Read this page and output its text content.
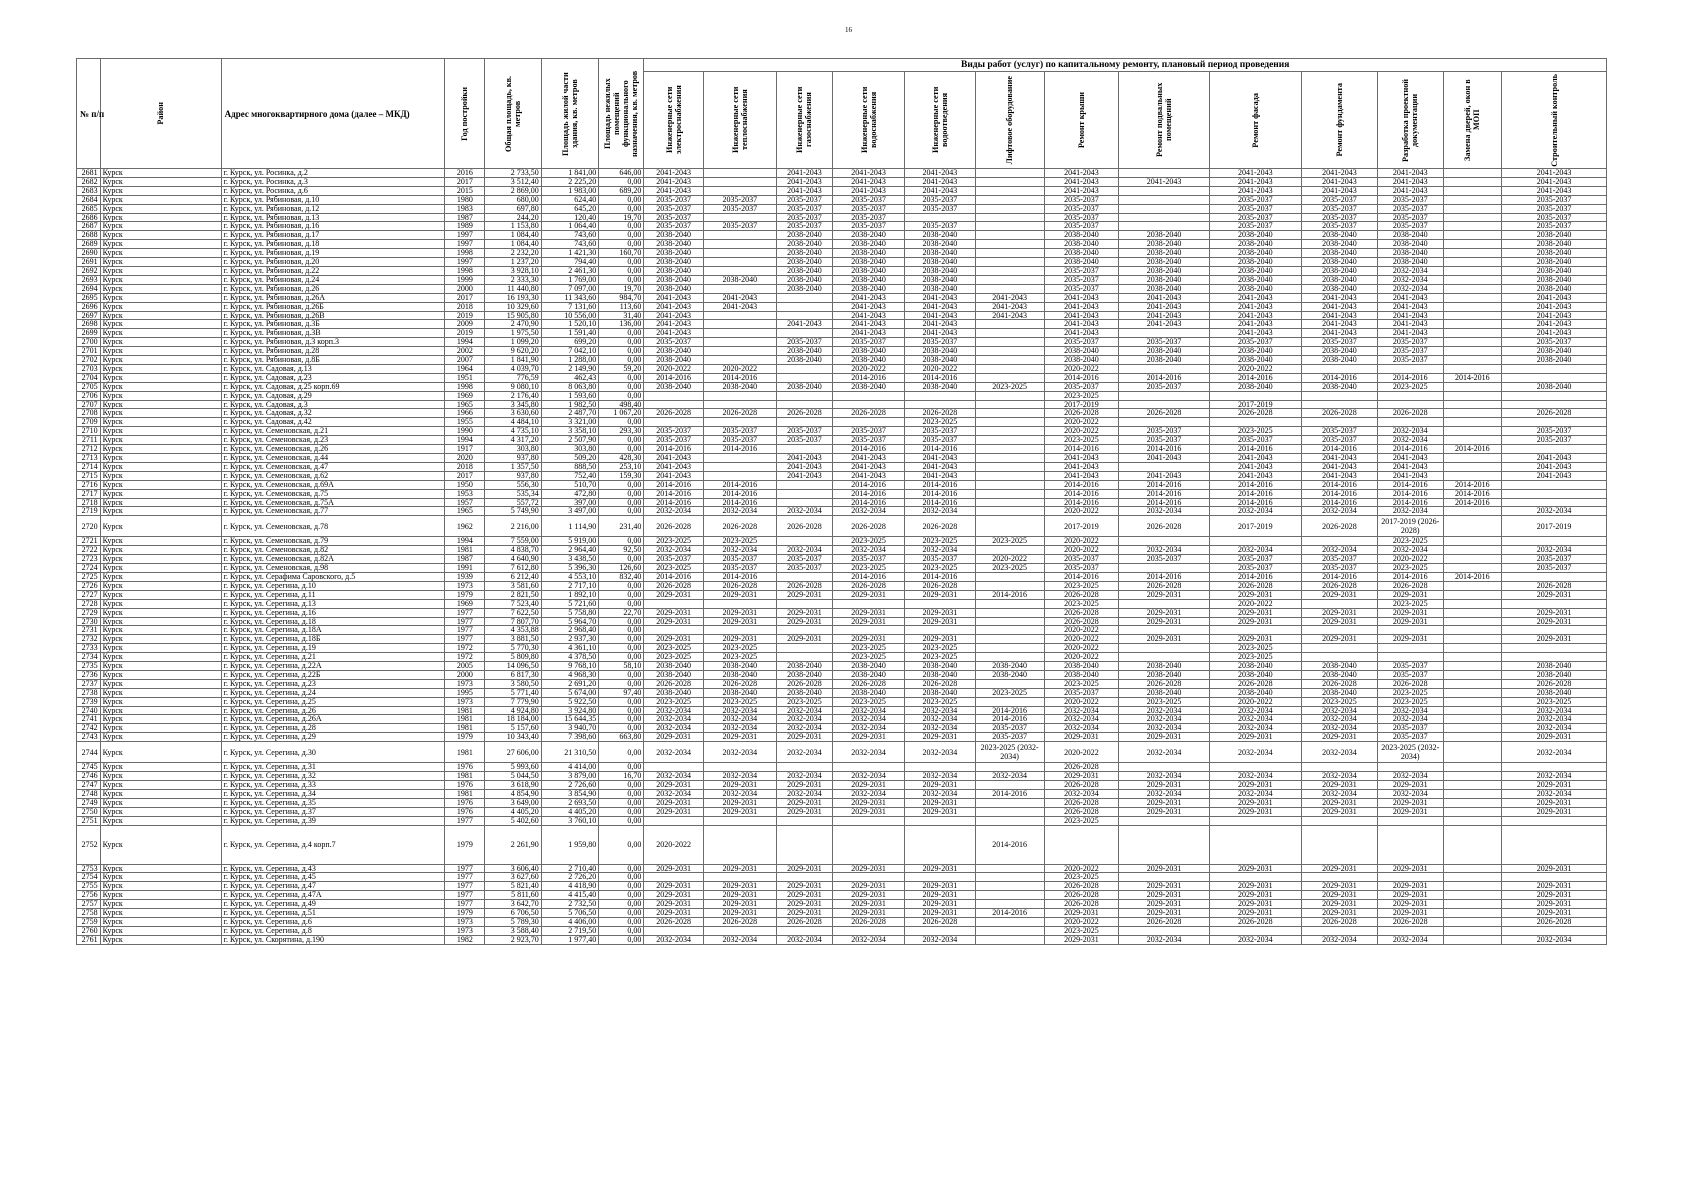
16
№ п/п	Район	Адрес многоквартирного дома (далее – МКД)	Год постройки	Общая площадь, кв. метров	Площадь жилой части здания, кв. метров	Площадь нежилых помещений функционального назначения, кв. метров	Виды работ (услуг) по капитальному ремонту, плановый период проведения												

							Инженерные сети электроснабжения	Инженерные сети теплоснабжения	Инженерные сети газоснабжения	Инженерные сети водоснабжения	Инженерные сети водоотведения	Лифтовое оборудование	Ремонт крыши	Ремонт подвальных помещений	Ремонт фасада	Ремонт фундамента	Разработка проектной документации	Замена дверей, окон в МОП	Строительный контроль

2681	Курск	г. Курск, ул. Росинка, д.2	2016	2 733,50	1 841,00	646,00	2041-2043		2041-2043	2041-2043	2041-2043		2041-2043		2041-2043	2041-2043	2041-2043		2041-2043
2682	Курск	г. Курск, ул. Росинка, д.3	2017	3 512,40	2 225,20	0,00	2041-2043		2041-2043	2041-2043	2041-2043		2041-2043	2041-2043	2041-2043	2041-2043	2041-2043		2041-2043
2683	Курск	г. Курск, ул. Росинка, д.6	2015	2 869,00	1 983,00	689,20	2041-2043		2041-2043	2041-2043	2041-2043		2041-2043		2041-2043	2041-2043	2041-2043		2041-2043
2684	Курск	г. Курск, ул. Рябиновая, д.10	1980	680,00	624,40	0,00	2035-2037	2035-2037	2035-2037	2035-2037	2035-2037		2035-2037		2035-2037	2035-2037	2035-2037		2035-2037
2685	Курск	г. Курск, ул. Рябиновая, д.12	1983	697,80	645,20	0,00	2035-2037	2035-2037	2035-2037	2035-2037	2035-2037		2035-2037		2035-2037	2035-2037	2035-2037		2035-2037
2686	Курск	г. Курск, ул. Рябиновая, д.13	1987	244,20	120,40	19,70	2035-2037		2035-2037	2035-2037			2035-2037		2035-2037	2035-2037	2035-2037		2035-2037
2687	Курск	г. Курск, ул. Рябиновая, д.16	1989	1 153,80	1 064,40	0,00	2035-2037	2035-2037	2035-2037	2035-2037	2035-2037		2035-2037		2035-2037	2035-2037	2035-2037		2035-2037
2688	Курск	г. Курск, ул. Рябиновая, д.17	1997	1 084,40	743,60	0,00	2038-2040		2038-2040	2038-2040	2038-2040		2038-2040	2038-2040	2038-2040	2038-2040	2038-2040		2038-2040
2689	Курск	г. Курск, ул. Рябиновая, д.18	1997	1 084,40	743,60	0,00	2038-2040		2038-2040	2038-2040	2038-2040		2038-2040	2038-2040	2038-2040	2038-2040	2038-2040		2038-2040
2690	Курск	г. Курск, ул. Рябиновая, д.19	1998	2 232,20	1 421,30	160,70	2038-2040		2038-2040	2038-2040	2038-2040		2038-2040	2038-2040	2038-2040	2038-2040	2038-2040		2038-2040
2691	Курск	г. Курск, ул. Рябиновая, д.20	1997	1 237,20	794,40	0,00	2038-2040		2038-2040	2038-2040	2038-2040		2038-2040	2038-2040	2038-2040	2038-2040	2038-2040		2038-2040
2692	Курск	г. Курск, ул. Рябиновая, д.22	1998	3 928,10	2 461,30	0,00	2038-2040		2038-2040	2038-2040	2038-2040		2035-2037	2038-2040	2038-2040	2038-2040	2032-2034		2038-2040
2693	Курск	г. Курск, ул. Рябиновая, д.24	1999	2 333,30	1 769,00	0,00	2038-2040	2038-2040	2038-2040	2038-2040	2038-2040		2035-2037	2038-2040	2038-2040	2038-2040	2032-2034		2038-2040
2694	Курск	г. Курск, ул. Рябиновая, д.26	2000	11 440,80	7 097,00	19,70	2038-2040		2038-2040	2038-2040	2038-2040		2035-2037	2038-2040	2038-2040	2038-2040	2032-2034		2038-2040
2695	Курск	г. Курск, ул. Рябиновая, д.26А	2017	16 193,30	11 343,60	984,70	2041-2043	2041-2043		2041-2043	2041-2043	2041-2043	2041-2043	2041-2043	2041-2043	2041-2043	2041-2043		2041-2043
2696	Курск	г. Курск, ул. Рябиновая, д.26Б	2018	10 329,60	7 131,60	113,60	2041-2043	2041-2043		2041-2043	2041-2043	2041-2043	2041-2043	2041-2043	2041-2043	2041-2043	2041-2043		2041-2043
2697	Курск	г. Курск, ул. Рябиновая, д.26В	2019	15 905,80	10 556,00	31,40	2041-2043			2041-2043	2041-2043	2041-2043	2041-2043	2041-2043	2041-2043	2041-2043	2041-2043		2041-2043
2698	Курск	г. Курск, ул. Рябиновая, д.3Б	2009	2 470,90	1 520,10	136,00	2041-2043		2041-2043	2041-2043	2041-2043		2041-2043	2041-2043	2041-2043	2041-2043	2041-2043		2041-2043
2699	Курск	г. Курск, ул. Рябиновая, д.3В	2019	1 975,50	1 591,40	0,00	2041-2043			2041-2043	2041-2043		2041-2043		2041-2043	2041-2043	2041-2043		2041-2043
2700	Курск	г. Курск, ул. Рябиновая, д.3 корп.3	1994	1 099,20	699,20	0,00	2035-2037		2035-2037	2035-2037	2035-2037		2035-2037	2035-2037	2035-2037	2035-2037	2035-2037		2035-2037
2701	Курск	г. Курск, ул. Рябиновая, д.28	2002	9 620,20	7 042,10	0,00	2038-2040		2038-2040	2038-2040	2038-2040		2038-2040	2038-2040	2038-2040	2038-2040	2035-2037		2038-2040
2702	Курск	г. Курск, ул. Рябиновая, д.8Б	2007	1 841,90	1 288,00	0,00	2038-2040		2038-2040	2038-2040	2038-2040		2038-2040	2038-2040	2038-2040	2038-2040	2035-2037		2038-2040
2703	Курск	г. Курск, ул. Садовая, д.13	1964	4 039,70	2 149,90	59,20	2020-2022	2020-2022		2020-2022	2020-2022		2020-2022		2020-2022				
2704	Курск	г. Курск, ул. Садовая, д.23	1951	776,59	462,43	0,00	2014-2016	2014-2016		2014-2016	2014-2016		2014-2016	2014-2016	2014-2016	2014-2016	2014-2016	2014-2016	
2705	Курск	г. Курск, ул. Садовая, д.25 корп.69	1998	9 080,10	8 063,80	0,00	2038-2040	2038-2040	2038-2040	2038-2040	2038-2040	2023-2025	2035-2037	2035-2037	2038-2040	2038-2040	2023-2025		2038-2040
2706	Курск	г. Курск, ул. Садовая, д.29	1969	2 176,40	1 593,60	0,00							2023-2025						
2707	Курск	г. Курск, ул. Садовая, д.3	1965	3 345,80	1 982,50	498,40							2017-2019		2017-2019				
2708	Курск	г. Курск, ул. Садовая, д.32	1966	3 630,60	2 487,70	1 067,20	2026-2028	2026-2028	2026-2028	2026-2028	2026-2028		2026-2028	2026-2028	2026-2028	2026-2028	2026-2028		2026-2028
2709	Курск	г. Курск, ул. Садовая, д.42	1955	4 484,10	3 321,00	0,00					2023-2025		2020-2022						
2710	Курск	г. Курск, ул. Семеновская, д.21	1990	4 735,10	3 358,10	293,30	2035-2037	2035-2037	2035-2037	2035-2037	2035-2037		2020-2022	2035-2037	2023-2025	2035-2037	2032-2034		2035-2037
2711	Курск	г. Курск, ул. Семеновская, д.23	1994	4 317,20	2 507,90	0,00	2035-2037	2035-2037	2035-2037	2035-2037	2035-2037		2023-2025	2035-2037	2035-2037	2035-2037	2032-2034		2035-2037
2712	Курск	г. Курск, ул. Семеновская, д.26	1917	303,80	303,80	0,00	2014-2016	2014-2016		2014-2016	2014-2016		2014-2016	2014-2016	2014-2016	2014-2016	2014-2016	2014-2016	
2713	Курск	г. Курск, ул. Семеновская, д.44	2020	937,80	509,20	428,30	2041-2043		2041-2043	2041-2043	2041-2043		2041-2043	2041-2043	2041-2043	2041-2043	2041-2043		2041-2043
2714	Курск	г. Курск, ул. Семеновская, д.47	2018	1 357,50	888,50	253,10	2041-2043		2041-2043	2041-2043	2041-2043		2041-2043		2041-2043	2041-2043	2041-2043		2041-2043
2715	Курск	г. Курск, ул. Семеновская, д.62	2017	937,80	752,40	159,30	2041-2043		2041-2043	2041-2043	2041-2043		2041-2043	2041-2043	2041-2043	2041-2043	2041-2043		2041-2043
2716	Курск	г. Курск, ул. Семеновская, д.69А	1950	556,30	510,70	0,00	2014-2016	2014-2016		2014-2016	2014-2016		2014-2016	2014-2016	2014-2016	2014-2016	2014-2016	2014-2016	
2717	Курск	г. Курск, ул. Семеновская, д.75	1953	535,34	472,80	0,00	2014-2016	2014-2016		2014-2016	2014-2016		2014-2016	2014-2016	2014-2016	2014-2016	2014-2016	2014-2016	
2718	Курск	г. Курск, ул. Семеновская, д.75А	1957	557,72	397,00	0,00	2014-2016	2014-2016		2014-2016	2014-2016		2014-2016	2014-2016	2014-2016	2014-2016	2014-2016	2014-2016	
2719	Курск	г. Курск, ул. Семеновская, д.77	1965	5 749,90	3 497,00	0,00	2032-2034	2032-2034	2032-2034	2032-2034	2032-2034		2020-2022	2032-2034	2032-2034	2032-2034	2032-2034		2032-2034
2720	Курск	г. Курск, ул. Семеновская, д.78	1962	2 216,00	1 114,90	231,40	2026-2028	2026-2028	2026-2028	2026-2028	2026-2028		2017-2019	2026-2028	2017-2019	2026-2028	2017-2019 (2026-2028)		2017-2019
2721	Курск	г. Курск, ул. Семеновская, д.79	1994	7 559,00	5 919,00	0,00	2023-2025	2023-2025		2023-2025	2023-2025	2023-2025	2020-2022				2023-2025		
2722	Курск	г. Курск, ул. Семеновская, д.82	1981	4 838,70	2 964,40	92,50	2032-2034	2032-2034	2032-2034	2032-2034	2032-2034		2020-2022	2032-2034	2032-2034	2032-2034	2032-2034		2032-2034
2723	Курск	г. Курск, ул. Семеновская, д.82А	1987	4 640,90	3 438,50	0,00	2035-2037	2035-2037	2035-2037	2035-2037	2035-2037	2020-2022	2035-2037	2035-2037	2035-2037	2035-2037	2020-2022		2035-2037
2724	Курск	г. Курск, ул. Семеновская, д.98	1991	7 612,80	5 396,30	126,60	2023-2025	2035-2037	2035-2037	2023-2025	2023-2025	2023-2025	2035-2037		2035-2037	2035-2037	2023-2025		2035-2037
2725	Курск	г. Курск, ул. Серафима Саровского, д.5	1939	6 212,40	4 553,10	832,40	2014-2016	2014-2016		2014-2016	2014-2016		2014-2016	2014-2016	2014-2016	2014-2016	2014-2016	2014-2016	
2726	Курск	г. Курск, ул. Серегина, д.10	1973	3 581,60	2 717,10	0,00	2026-2028	2026-2028	2026-2028	2026-2028	2026-2028		2023-2025	2026-2028	2026-2028	2026-2028	2026-2028		2026-2028
2727	Курск	г. Курск, ул. Серегина, д.11	1979	2 821,50	1 892,10	0,00	2029-2031	2029-2031	2029-2031	2029-2031	2029-2031	2014-2016	2026-2028	2029-2031	2029-2031	2029-2031	2029-2031		2029-2031
2728	Курск	г. Курск, ул. Серегина, д.13	1969	7 523,40	5 721,60	0,00							2023-2025		2020-2022		2023-2025		
2729	Курск	г. Курск, ул. Серегина, д.16	1977	7 622,50	5 758,80	22,70	2029-2031	2029-2031	2029-2031	2029-2031	2029-2031		2026-2028	2029-2031	2029-2031	2029-2031	2029-2031		2029-2031
2730	Курск	г. Курск, ул. Серегина, д.18	1977	7 807,70	5 964,70	0,00	2029-2031	2029-2031	2029-2031	2029-2031	2029-2031		2026-2028	2029-2031	2029-2031	2029-2031	2029-2031		2029-2031
2731	Курск	г. Курск, ул. Серегина, д.18А	1977	4 353,88	2 968,40	0,00							2020-2022						
2732	Курск	г. Курск, ул. Серегина, д.18Б	1977	3 881,50	2 937,30	0,00	2029-2031	2029-2031	2029-2031	2029-2031	2029-2031		2020-2022	2029-2031	2029-2031	2029-2031	2029-2031		2029-2031
2733	Курск	г. Курск, ул. Серегина, д.19	1972	5 770,30	4 361,10	0,00	2023-2025	2023-2025		2023-2025	2023-2025		2020-2022		2023-2025				
2734	Курск	г. Курск, ул. Серегина, д.21	1972	5 809,80	4 378,50	0,00	2023-2025	2023-2025		2023-2025	2023-2025		2020-2022		2023-2025				
2735	Курск	г. Курск, ул. Серегина, д.22А	2005	14 096,50	9 768,10	58,10	2038-2040	2038-2040	2038-2040	2038-2040	2038-2040	2038-2040	2038-2040	2038-2040	2038-2040	2038-2040	2035-2037		2038-2040
2736	Курск	г. Курск, ул. Серегина, д.22Б	2000	6 817,30	4 968,30	0,00	2038-2040	2038-2040	2038-2040	2038-2040	2038-2040	2038-2040	2038-2040	2038-2040	2038-2040	2038-2040	2035-2037		2038-2040
2737	Курск	г. Курск, ул. Серегина, д.23	1973	3 580,50	2 691,20	0,00	2026-2028	2026-2028	2026-2028	2026-2028	2026-2028		2023-2025	2026-2028	2026-2028	2026-2028	2026-2028		2026-2028
2738	Курск	г. Курск, ул. Серегина, д.24	1995	5 771,40	5 674,00	97,40	2038-2040	2038-2040	2038-2040	2038-2040	2038-2040	2023-2025	2035-2037	2038-2040	2038-2040	2038-2040	2023-2025		2038-2040
2739	Курск	г. Курск, ул. Серегина, д.25	1973	7 779,90	5 922,50	0,00	2023-2025	2023-2025	2023-2025	2023-2025	2023-2025		2020-2022	2023-2025	2020-2022	2023-2025	2023-2025		2023-2025
2740	Курск	г. Курск, ул. Серегина, д.26	1981	4 924,80	3 924,80	0,00	2032-2034	2032-2034	2032-2034	2032-2034	2032-2034	2014-2016	2032-2034	2032-2034	2032-2034	2032-2034	2032-2034		2032-2034
2741	Курск	г. Курск, ул. Серегина, д.26А	1981	18 184,00	15 644,35	0,00	2032-2034	2032-2034	2032-2034	2032-2034	2032-2034	2014-2016	2032-2034	2032-2034	2032-2034	2032-2034	2032-2034		2032-2034
2742	Курск	г. Курск, ул. Серегина, д.28	1981	5 157,60	3 940,70	0,00	2032-2034	2032-2034	2032-2034	2032-2034	2032-2034	2035-2037	2032-2034	2032-2034	2032-2034	2032-2034	2035-2037		2032-2034
2743	Курск	г. Курск, ул. Серегина, д.29	1979	10 343,40	7 398,60	663,80	2029-2031	2029-2031	2029-2031	2029-2031	2029-2031	2035-2037	2029-2031	2029-2031	2029-2031	2029-2031	2035-2037		2029-2031
2744	Курск	г. Курск, ул. Серегина, д.30	1981	27 606,00	21 310,50	0,00	2032-2034	2032-2034	2032-2034	2032-2034	2032-2034	2023-2025 (2032-2034)	2020-2022	2032-2034	2032-2034	2032-2034	2023-2025 (2032-2034)		2032-2034
2745	Курск	г. Курск, ул. Серегина, д.31	1976	5 993,60	4 414,00	0,00							2026-2028						
2746	Курск	г. Курск, ул. Серегина, д.32	1981	5 044,50	3 879,00	16,70	2032-2034	2032-2034	2032-2034	2032-2034	2032-2034	2032-2034	2029-2031	2032-2034	2032-2034	2032-2034	2032-2034		2032-2034
2747	Курск	г. Курск, ул. Серегина, д.33	1976	3 618,90	2 726,60	0,00	2029-2031	2029-2031	2029-2031	2029-2031	2029-2031		2026-2028	2029-2031	2029-2031	2029-2031	2029-2031		2029-2031
2748	Курск	г. Курск, ул. Серегина, д.34	1981	4 854,90	3 854,90	0,00	2032-2034	2032-2034	2032-2034	2032-2034	2032-2034	2014-2016	2032-2034	2032-2034	2032-2034	2032-2034	2032-2034		2032-2034
2749	Курск	г. Курск, ул. Серегина, д.35	1976	3 649,00	2 693,50	0,00	2029-2031	2029-2031	2029-2031	2029-2031	2029-2031		2026-2028	2029-2031	2029-2031	2029-2031	2029-2031		2029-2031
2750	Курск	г. Курск, ул. Серегина, д.37	1976	4 405,20	4 405,20	0,00	2029-2031	2029-2031	2029-2031	2029-2031	2029-2031		2026-2028	2029-2031	2029-2031	2029-2031	2029-2031		2029-2031
2751	Курск	г. Курск, ул. Серегина, д.39	1977	5 402,60	3 760,10	0,00							2023-2025						
2752	Курск	г. Курск, ул. Серегина, д.4 корп.7	1979	2 261,90	1 959,80	0,00	2020-2022					2014-2016							
2753	Курск	г. Курск, ул. Серегина, д.43	1977	3 606,40	2 710,40	0,00	2029-2031	2029-2031	2029-2031	2029-2031	2029-2031		2020-2022	2029-2031	2029-2031	2029-2031	2029-2031		2029-2031
2754	Курск	г. Курск, ул. Серегина, д.45	1977	3 627,60	2 726,20	0,00							2023-2025						
2755	Курск	г. Курск, ул. Серегина, д.47	1977	5 821,40	4 418,90	0,00	2029-2031	2029-2031	2029-2031	2029-2031	2029-2031		2026-2028	2029-2031	2029-2031	2029-2031	2029-2031		2029-2031
2756	Курск	г. Курск, ул. Серегина, д.47А	1977	5 811,60	4 415,40	0,00	2029-2031	2029-2031	2029-2031	2029-2031	2029-2031		2026-2028	2029-2031	2029-2031	2029-2031	2029-2031		2029-2031
2757	Курск	г. Курск, ул. Серегина, д.49	1977	3 642,70	2 732,50	0,00	2029-2031	2029-2031	2029-2031	2029-2031	2029-2031		2026-2028	2029-2031	2029-2031	2029-2031	2029-2031		2029-2031
2758	Курск	г. Курск, ул. Серегина, д.51	1979	6 706,50	5 706,50	0,00	2029-2031	2029-2031	2029-2031	2029-2031	2029-2031	2014-2016	2029-2031	2029-2031	2029-2031	2029-2031	2029-2031		2029-2031
2759	Курск	г. Курск, ул. Серегина, д.6	1973	5 789,30	4 406,00	0,00	2026-2028	2026-2028	2026-2028	2026-2028	2026-2028		2020-2022	2026-2028	2026-2028	2026-2028	2026-2028		2026-2028
2760	Курск	г. Курск, ул. Серегина, д.8	1973	3 588,40	2 719,50	0,00							2023-2025						
2761	Курск	г. Курск, ул. Скорятина, д.190	1982	2 923,70	1 977,40	0,00	2032-2034	2032-2034	2032-2034	2032-2034	2032-2034		2029-2031	2032-2034	2032-2034	2032-2034	2032-2034		2032-2034
